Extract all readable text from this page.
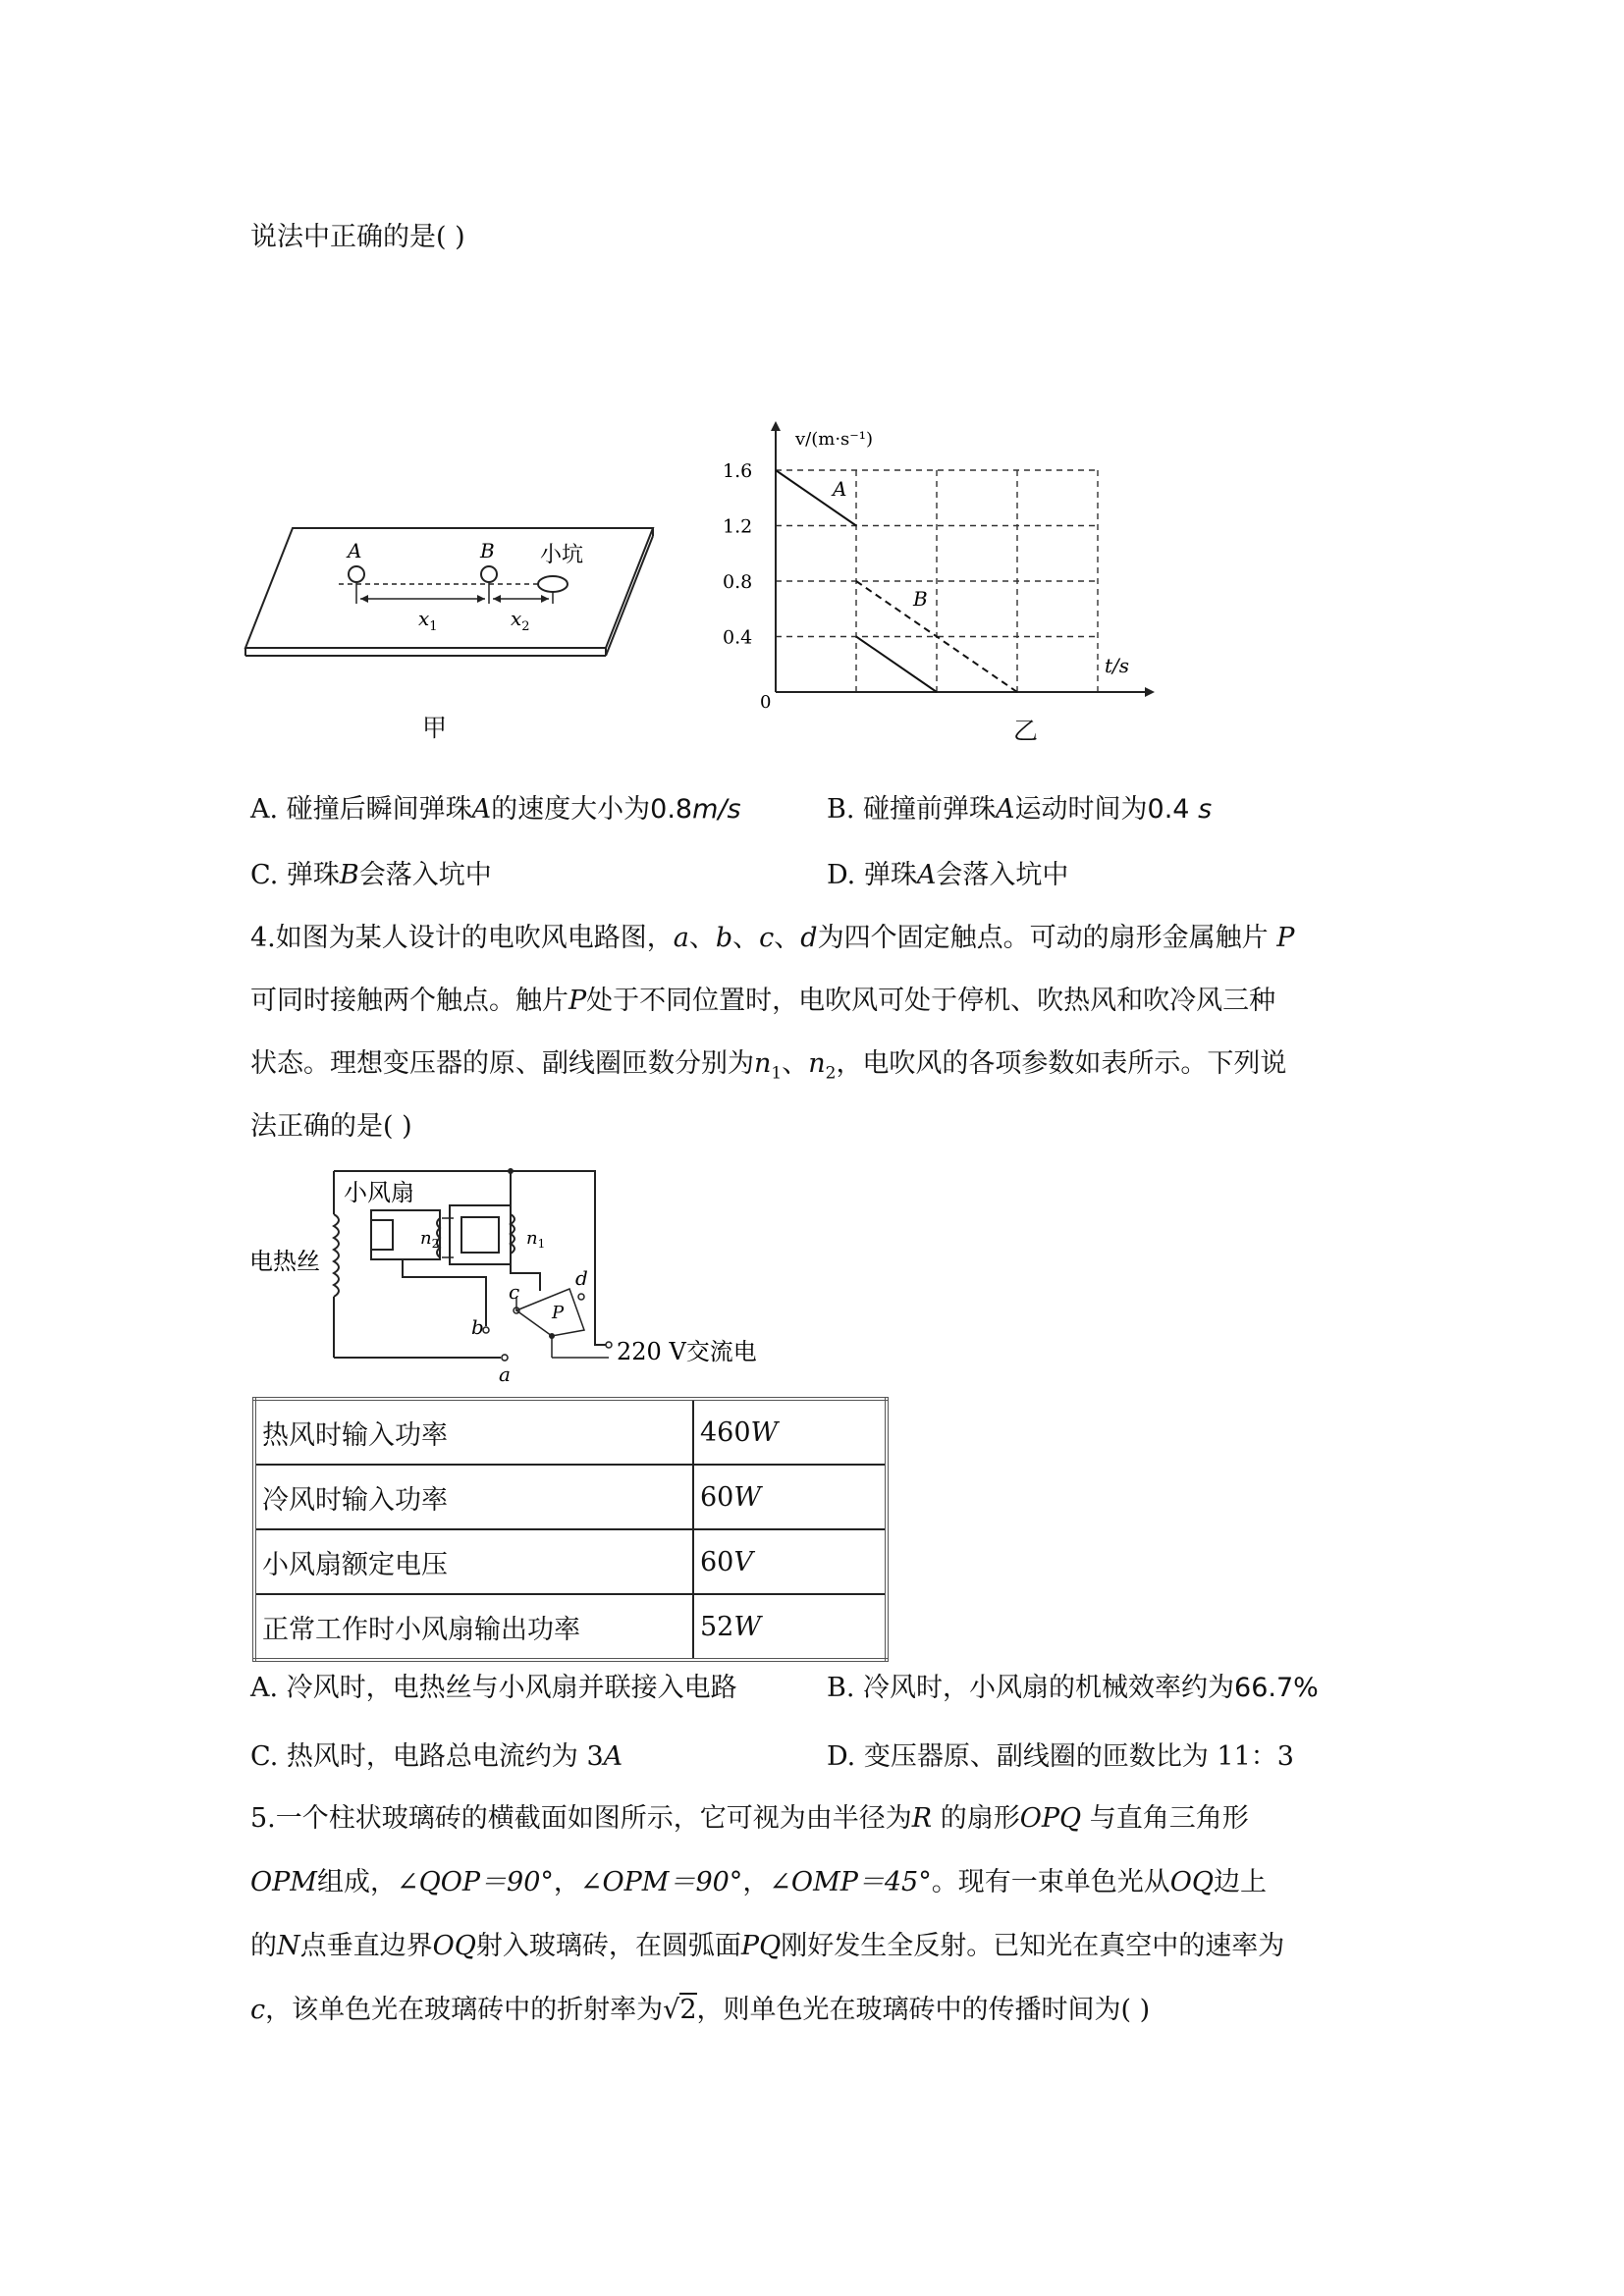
说法中正确的是( )
A	B 小坑
$x_1$	$x_2$
甲
1.6
1.2
0.8
0.4
v/(m·s⁻¹)
t/s
0
A
B
乙
A. 碰撞后瞬间弹珠A的速度大小为0.8m/s	B. 碰撞前弹珠A运动时间为0.4 s
C. 弹珠B会落入坑中	D. 弹珠A会落入坑中
4.如图为某人设计的电吹风电路图，a、b、c、d为四个固定触点。可动的扇形金属触片 P
可同时接触两个触点。触片P处于不同位置时，电吹风可处于停机、吹热风和吹冷风三种
状态。理想变压器的原、副线圈匝数分别为$n_1$、$n_2$，电吹风的各项参数如表所示。下列说
法正确的是( )
小风扇
电热丝
$n_2$	$n_1$
a
b
c
d
P
220 V交流电
热风时输入功率	460W
冷风时输入功率	60W
小风扇额定电压	60V
正常工作时小风扇输出功率	52W
A. 冷风时，电热丝与小风扇并联接入电路	B. 冷风时，小风扇的机械效率约为66.7%
C. 热风时，电路总电流约为 3A	D. 变压器原、副线圈的匝数比为 11：3
5.一个柱状玻璃砖的横截面如图所示，它可视为由半径为R 的扇形OPQ 与直角三角形
OPM组成，∠QOP＝90°，∠OPM＝90°，∠OMP＝45°。现有一束单色光从OQ边上
的N点垂直边界OQ射入玻璃砖，在圆弧面PQ刚好发生全反射。已知光在真空中的速率为
c，该单色光在玻璃砖中的折射率为√2，则单色光在玻璃砖中的传播时间为( )
